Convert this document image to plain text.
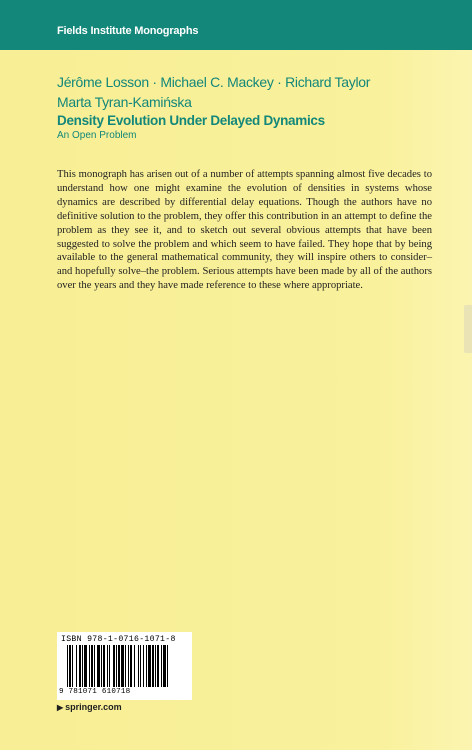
Fields Institute Monographs
Jérôme Losson · Michael C. Mackey · Richard Taylor
Marta Tyran-Kamińska
Density Evolution Under Delayed Dynamics
An Open Problem
This monograph has arisen out of a number of attempts spanning almost five decades to understand how one might examine the evolution of densities in systems whose dynamics are described by differential delay equations. Though the authors have no definitive solution to the problem, they offer this contribution in an attempt to define the problem as they see it, and to sketch out several obvious attempts that have been suggested to solve the problem and which seem to have failed. They hope that by being available to the general mathematical community, they will inspire others to consider–and hopefully solve–the problem. Serious attempts have been made by all of the authors over the years and they have made reference to these where appropriate.
ISBN 978-1-0716-1071-8
9 781071 610718
▶ springer.com
